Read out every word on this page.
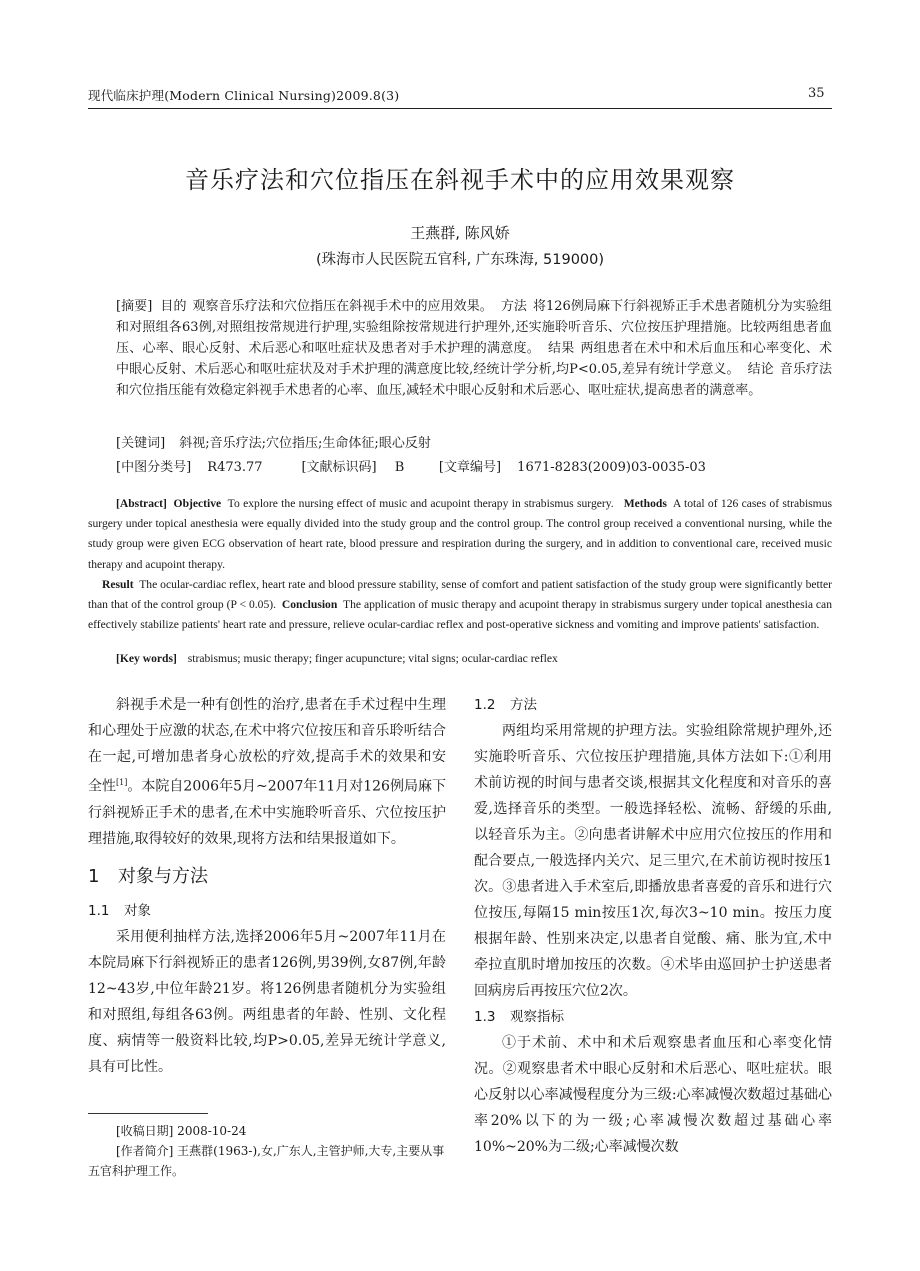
现代临床护理(Modern Clinical Nursing)2009.8(3)	35
音乐疗法和穴位指压在斜视手术中的应用效果观察
王燕群, 陈风娇
(珠海市人民医院五官科, 广东珠海, 519000)
[摘要] 目的 观察音乐疗法和穴位指压在斜视手术中的应用效果。 方法 将126例局麻下行斜视矫正手术患者随机分为实验组和对照组各63例,对照组按常规进行护理,实验组除按常规进行护理外,还实施聆听音乐、穴位按压护理措施。比较两组患者血压、心率、眼心反射、术后恶心和呕吐症状及患者对手术护理的满意度。 结果 两组患者在术中和术后血压和心率变化、术中眼心反射、术后恶心和呕吐症状及对手术护理的满意度比较,经统计学分析,均P<0.05,差异有统计学意义。 结论 音乐疗法和穴位指压能有效稳定斜视手术患者的心率、血压,减轻术中眼心反射和术后恶心、呕吐症状,提高患者的满意率。
[关键词] 斜视;音乐疗法;穴位指压;生命体征;眼心反射
[中图分类号] R473.77	[文献标识码] B	[文章编号] 1671-8283(2009)03-0035-03
[Abstract] Objective To explore the nursing effect of music and acupoint therapy in strabismus surgery. Methods A total of 126 cases of strabismus surgery under topical anesthesia were equally divided into the study group and the control group. The control group received a conventional nursing, while the study group were given ECG observation of heart rate, blood pressure and respiration during the surgery, and in addition to conventional care, received music therapy and acupoint therapy.
Result The ocular-cardiac reflex, heart rate and blood pressure stability, sense of comfort and patient satisfaction of the study group were significantly better than that of the control group (P < 0.05). Conclusion The application of music therapy and acupoint therapy in strabismus surgery under topical anesthesia can effectively stabilize patients' heart rate and pressure, relieve ocular-cardiac reflex and post-operative sickness and vomiting and improve patients' satisfaction.
[Key words] strabismus; music therapy; finger acupuncture; vital signs; ocular-cardiac reflex

斜视手术是一种有创性的治疗,患者在手术过程中生理和心理处于应激的状态,在术中将穴位按压和音乐聆听结合在一起,可增加患者身心放松的疗效,提高手术的效果和安全性[1]。本院自2006年5月~2007年11月对126例局麻下行斜视矫正手术的患者,在术中实施聆听音乐、穴位按压护理措施,取得较好的效果,现将方法和结果报道如下。

1 对象与方法
1.1 对象

采用便利抽样方法,选择2006年5月~2007年11月在本院局麻下行斜视矫正的患者126例,男39例,女87例,年龄12~43岁,中位年龄21岁。将126例患者随机分为实验组和对照组,每组各63例。两组患者的年龄、性别、文化程度、病情等一般资料比较,均P>0.05,差异无统计学意义,具有可比性。

[收稿日期] 2008-10-24

[作者简介] 王燕群(1963-),女,广东人,主管护师,大专,主要从事五官科护理工作。

1.2 方法

两组均采用常规的护理方法。实验组除常规护理外,还实施聆听音乐、穴位按压护理措施,具体方法如下:①利用术前访视的时间与患者交谈,根据其文化程度和对音乐的喜爱,选择音乐的类型。一般选择轻松、流畅、舒缓的乐曲,以轻音乐为主。②向患者讲解术中应用穴位按压的作用和配合要点,一般选择内关穴、足三里穴,在术前访视时按压1次。③患者进入手术室后,即播放患者喜爱的音乐和进行穴位按压,每隔15 min按压1次,每次3~10 min。按压力度根据年龄、性别来决定,以患者自觉酸、痛、胀为宜,术中牵拉直肌时增加按压的次数。④术毕由巡回护士护送患者回病房后再按压穴位2次。

1.3 观察指标

①于术前、术中和术后观察患者血压和心率变化情况。②观察患者术中眼心反射和术后恶心、呕吐症状。眼心反射以心率减慢程度分为三级:心率减慢次数超过基础心率20%以下的为一级;心率减慢次数超过基础心率10%~20%为二级;心率减慢次数
